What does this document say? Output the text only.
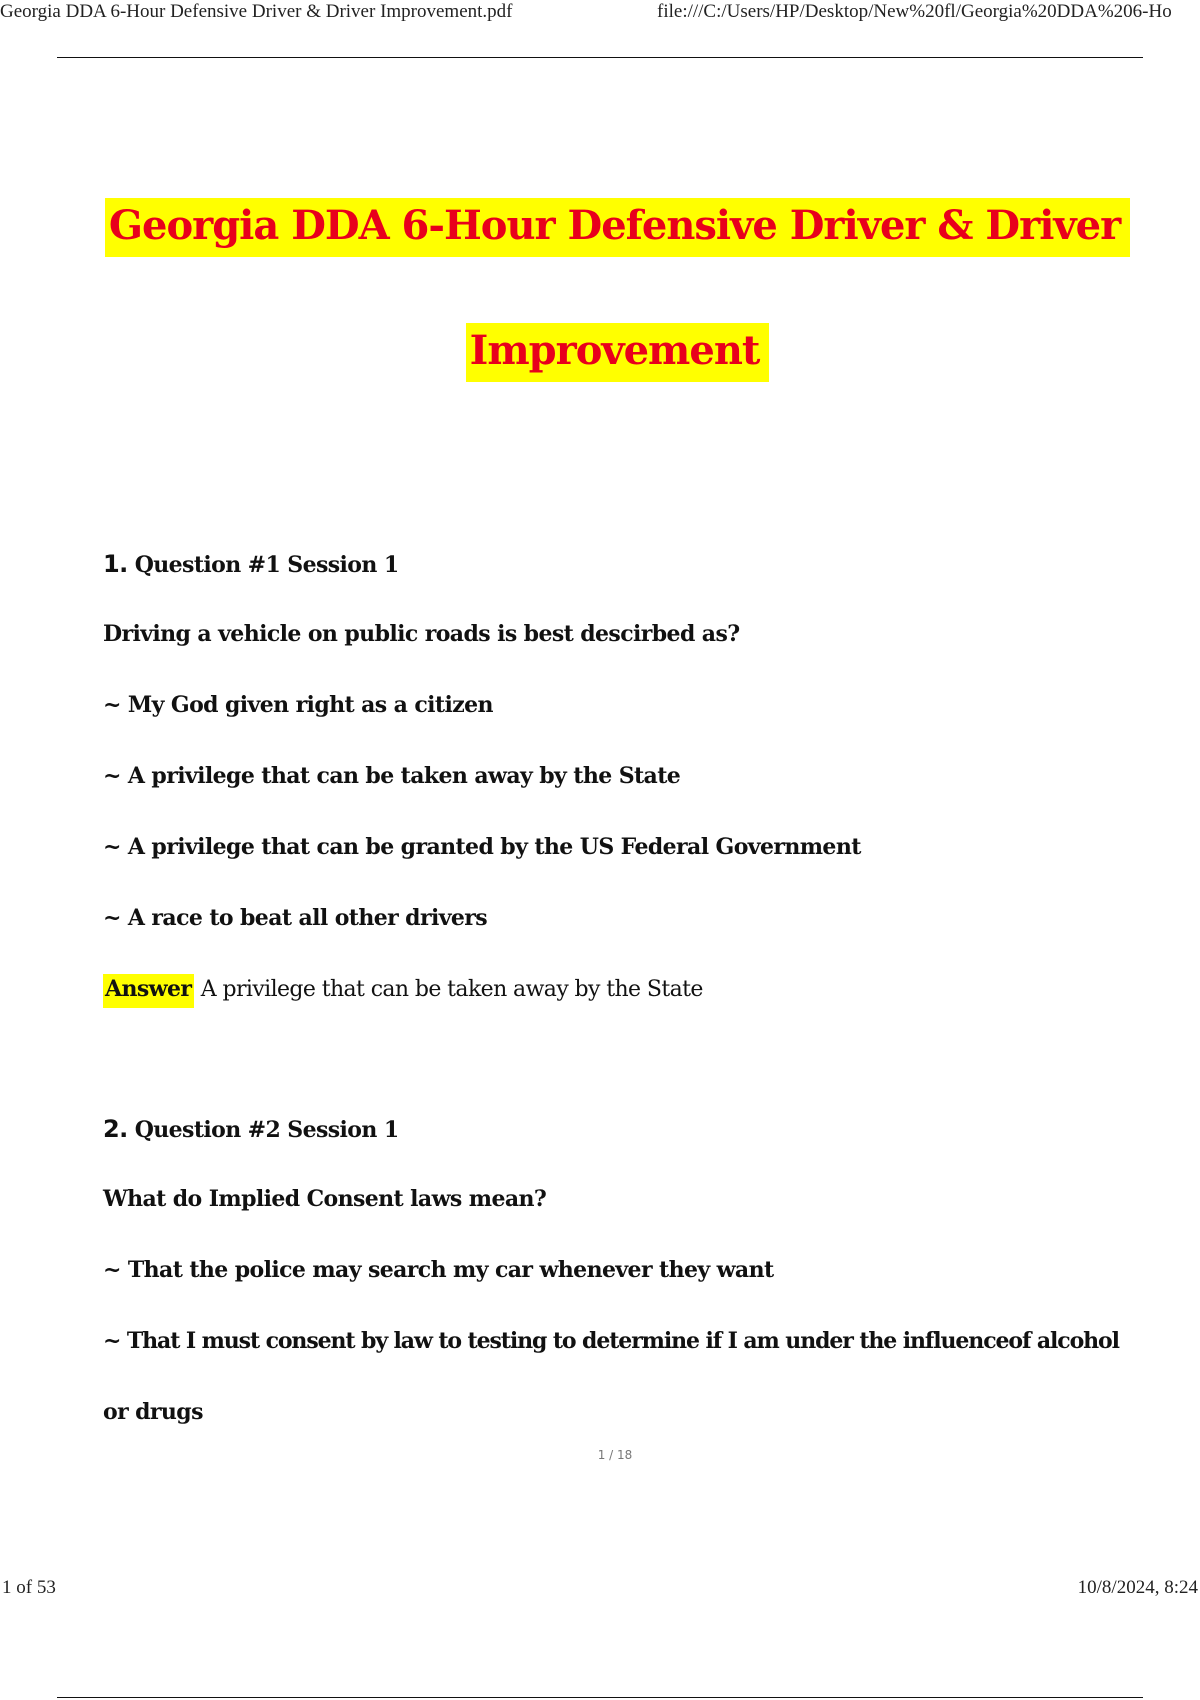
Georgia DDA 6-Hour Defensive Driver & Driver Improvement.pdf	file:///C:/Users/HP/Desktop/New%20fl/Georgia%20DDA%206-Ho
Georgia DDA 6-Hour Defensive Driver & Driver
Improvement
1. Question #1 Session 1
Driving a vehicle on public roads is best descirbed as?
~ My God given right as a citizen
~ A privilege that can be taken away by the State
~ A privilege that can be granted by the US Federal Government
~ A race to beat all other drivers
Answer A privilege that can be taken away by the State
2. Question #2 Session 1
What do Implied Consent laws mean?
~ That the police may search my car whenever they want
~ That I must consent by law to testing to determine if I am under the influenceof alcohol
or drugs
1 / 18
1 of 53	10/8/2024, 8:24
